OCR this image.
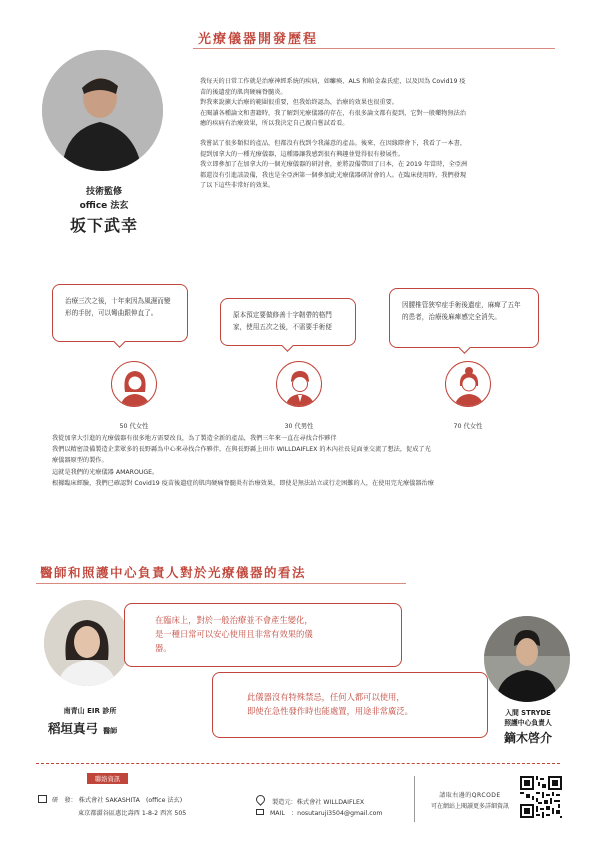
光療儀器開發歷程
技術監修
office 法玄
坂下武幸
我每天的日常工作就是治療神經系統的疾病，如癱瘓、ALS 和帕金森氏症，以及因為 Covid19 疫
苗的後遺症的肌肉硬痛脊髓炎。
對我來說擴大治療的範圍很重要，但我始終認為，治療的效果也很重要。
在閱讀各種論文和書籍時，我了解到光療儀器的存在，有很多論文都有提到，它對一般藥物無法治
癒的疾病有治療效果，所以我決定自己親自嘗試看看。
我嘗試了很多類似的產品，但都沒有找到令我滿意的產品。後來，在因緣際會下，我看了一本書，
提到加拿大的一種光療儀器，這種器讓我感到很有興趣並覺得很有發展性。
我立即參加了在加拿大的一個光療儀器的研討會，並將設備帶回了日本，在 2019 年當時，全亞洲
都還沒有引進該設備，我也是全亞洲第一個參加此光療儀器研討會的人。在臨床使用時，我們發現
了以下這些非常好的效果。
治療三次之後，十年來因為風濕而變形的手肘，可以彎曲跟伸直了。	原本預定要做修善十字韌帶的格門家，使用五次之後，不需要手術便
因腰椎管狹窄症手術後遺症，麻痺了五年的患者，治療後麻痺感完全消失。
50 代女性	30 代男性	70 代女性
我從加拿大引進的光療儀器有很多地方需要改良，為了製造全新的產品，我們三年來一直在尋找合作夥伴
我們以精密設備製造企業眾多的長野縣為中心來尋找合作夥伴，在與長野縣上田市 WILLDAIFLEX 的木內社長見面並交流了想法，促成了光
療儀器原型的製作。
這就是我們的光療儀器 AMAROUGE。
根據臨床經驗，我們已確認對 Covid19 疫苗後遺症的肌肉硬痛脊髓炎有治療效果，即使是無法站立或行走困難的人，在使用完光療儀器治療
醫師和照護中心負責人對於光療儀器的看法
南青山 EIR 診所
稻垣真弓 醫師
在臨床上，對於一般治療並不會產生變化，
是一種日常可以安心使用且非常有效果的儀
器。
此儀器沒有特殊禁忌，任何人都可以使用，
即使在急性發作時也能處置，用途非常廣泛。	入間 STRYDE
照護中心負責人
鏑木啓介
聯絡資訊
研　發： 株式會社 SAKASHITA　(office 法玄)
東京都澀谷區惠比壽西 1-8-2 西宮 505
製造元：株式會社 WILLDAIFLEX
MAIL　：nosutaruji3504@gmail.com
請取右邊的QRCODE
可在網站上閱讀更多詳細資訊
